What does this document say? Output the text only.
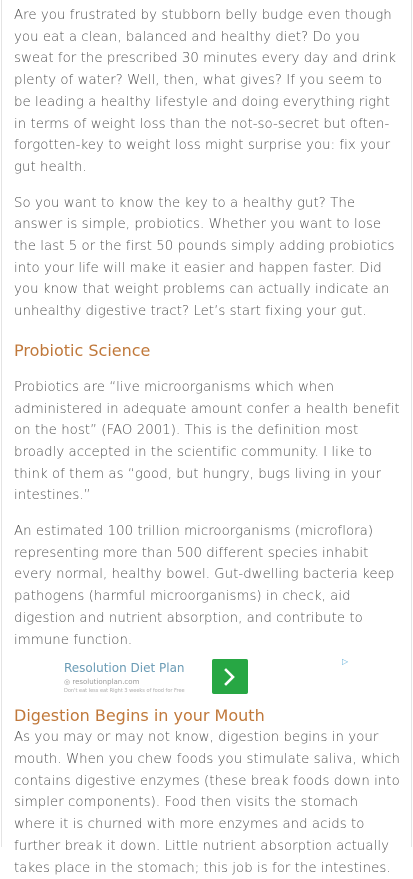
Are you frustrated by stubborn belly budge even though you eat a clean, balanced and healthy diet? Do you sweat for the prescribed 30 minutes every day and drink plenty of water? Well, then, what gives? If you seem to be leading a healthy lifestyle and doing everything right in terms of weight loss than the not-so-secret but often-forgotten-key to weight loss might surprise you: fix your gut health.

So you want to know the key to a healthy gut? The answer is simple, probiotics. Whether you want to lose the last 5 or the first 50 pounds simply adding probiotics into your life will make it easier and happen faster. Did you know that weight problems can actually indicate an unhealthy digestive tract? Let’s start fixing your gut.

Probiotic Science

Probiotics are “live microorganisms which when administered in adequate amount confer a health benefit on the host” (FAO 2001). This is the definition most broadly accepted in the scientific community. I like to think of them as “good, but hungry, bugs living in your intestines.”

An estimated 100 trillion microorganisms (microflora) representing more than 500 different species inhabit every normal, healthy bowel. Gut-dwelling bacteria keep pathogens (harmful microorganisms) in check, aid digestion and nutrient absorption, and contribute to immune function.

Resolution Diet Plan
◎ resolutionplan.com
Don't eat less eat Right 3 weeks of food for Free
▷
Digestion Begins in your Mouth

As you may or may not know, digestion begins in your mouth. When you chew foods you stimulate saliva, which contains digestive enzymes (these break foods down into simpler components). Food then visits the stomach where it is churned with more enzymes and acids to further break it down. Little nutrient absorption actually takes place in the stomach; this job is for the intestines.
